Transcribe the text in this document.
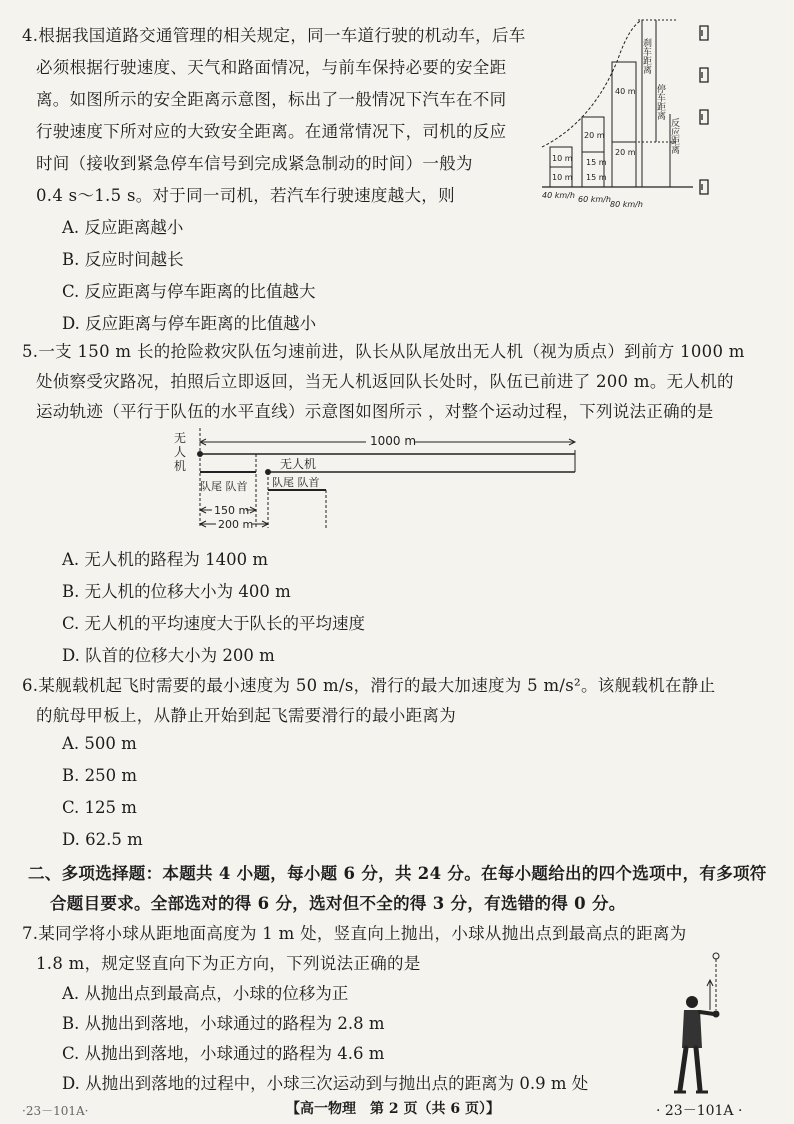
4.根据我国道路交通管理的相关规定，同一车道行驶的机动车，后车
必须根据行驶速度、天气和路面情况，与前车保持必要的安全距
离。如图所示的安全距离示意图，标出了一般情况下汽车在不同
行驶速度下所对应的大致安全距离。在通常情况下，司机的反应
时间（接收到紧急停车信号到完成紧急制动的时间）一般为
0.4 s～1.5 s。对于同一司机，若汽车行驶速度越大，则
A. 反应距离越小
B. 反应时间越长
C. 反应距离与停车距离的比值越大
D. 反应距离与停车距离的比值越小
10 m
10 m
20 m
15 m
15 m
40 m
20 m
刹车距离
停车距离
反应距离
40 km/h 60 km/h
80 km/h
5.一支 150 m 长的抢险救灾队伍匀速前进，队长从队尾放出无人机（视为质点）到前方 1000 m
处侦察受灾路况，拍照后立即返回，当无人机返回队长处时，队伍已前进了 200 m。无人机的
运动轨迹（平行于队伍的水平直线）示意图如图所示 ，对整个运动过程，下列说法正确的是
无
人
机
1000 m
无人机
队尾 队首 队尾 队首
150 m
200 m
A. 无人机的路程为 1400 m
B. 无人机的位移大小为 400 m
C. 无人机的平均速度大于队长的平均速度
D. 队首的位移大小为 200 m
6.某舰载机起飞时需要的最小速度为 50 m/s，滑行的最大加速度为 5 m/s²。该舰载机在静止
的航母甲板上，从静止开始到起飞需要滑行的最小距离为
A. 500 m
B. 250 m
C. 125 m
D. 62.5 m
二、多项选择题：本题共 4 小题，每小题 6 分，共 24 分。在每小题给出的四个选项中，有多项符
合题目要求。全部选对的得 6 分，选对但不全的得 3 分，有选错的得 0 分。
7.某同学将小球从距地面高度为 1 m 处，竖直向上抛出，小球从抛出点到最高点的距离为
1.8 m，规定竖直向下为正方向，下列说法正确的是
A. 从抛出点到最高点，小球的位移为正
B. 从抛出到落地，小球通过的路程为 2.8 m
C. 从抛出到落地，小球通过的路程为 4.6 m
D. 从抛出到落地的过程中，小球三次运动到与抛出点的距离为 0.9 m 处
·23－101A·	【高一物理　第 2 页（共 6 页）】	· 23－101A ·
